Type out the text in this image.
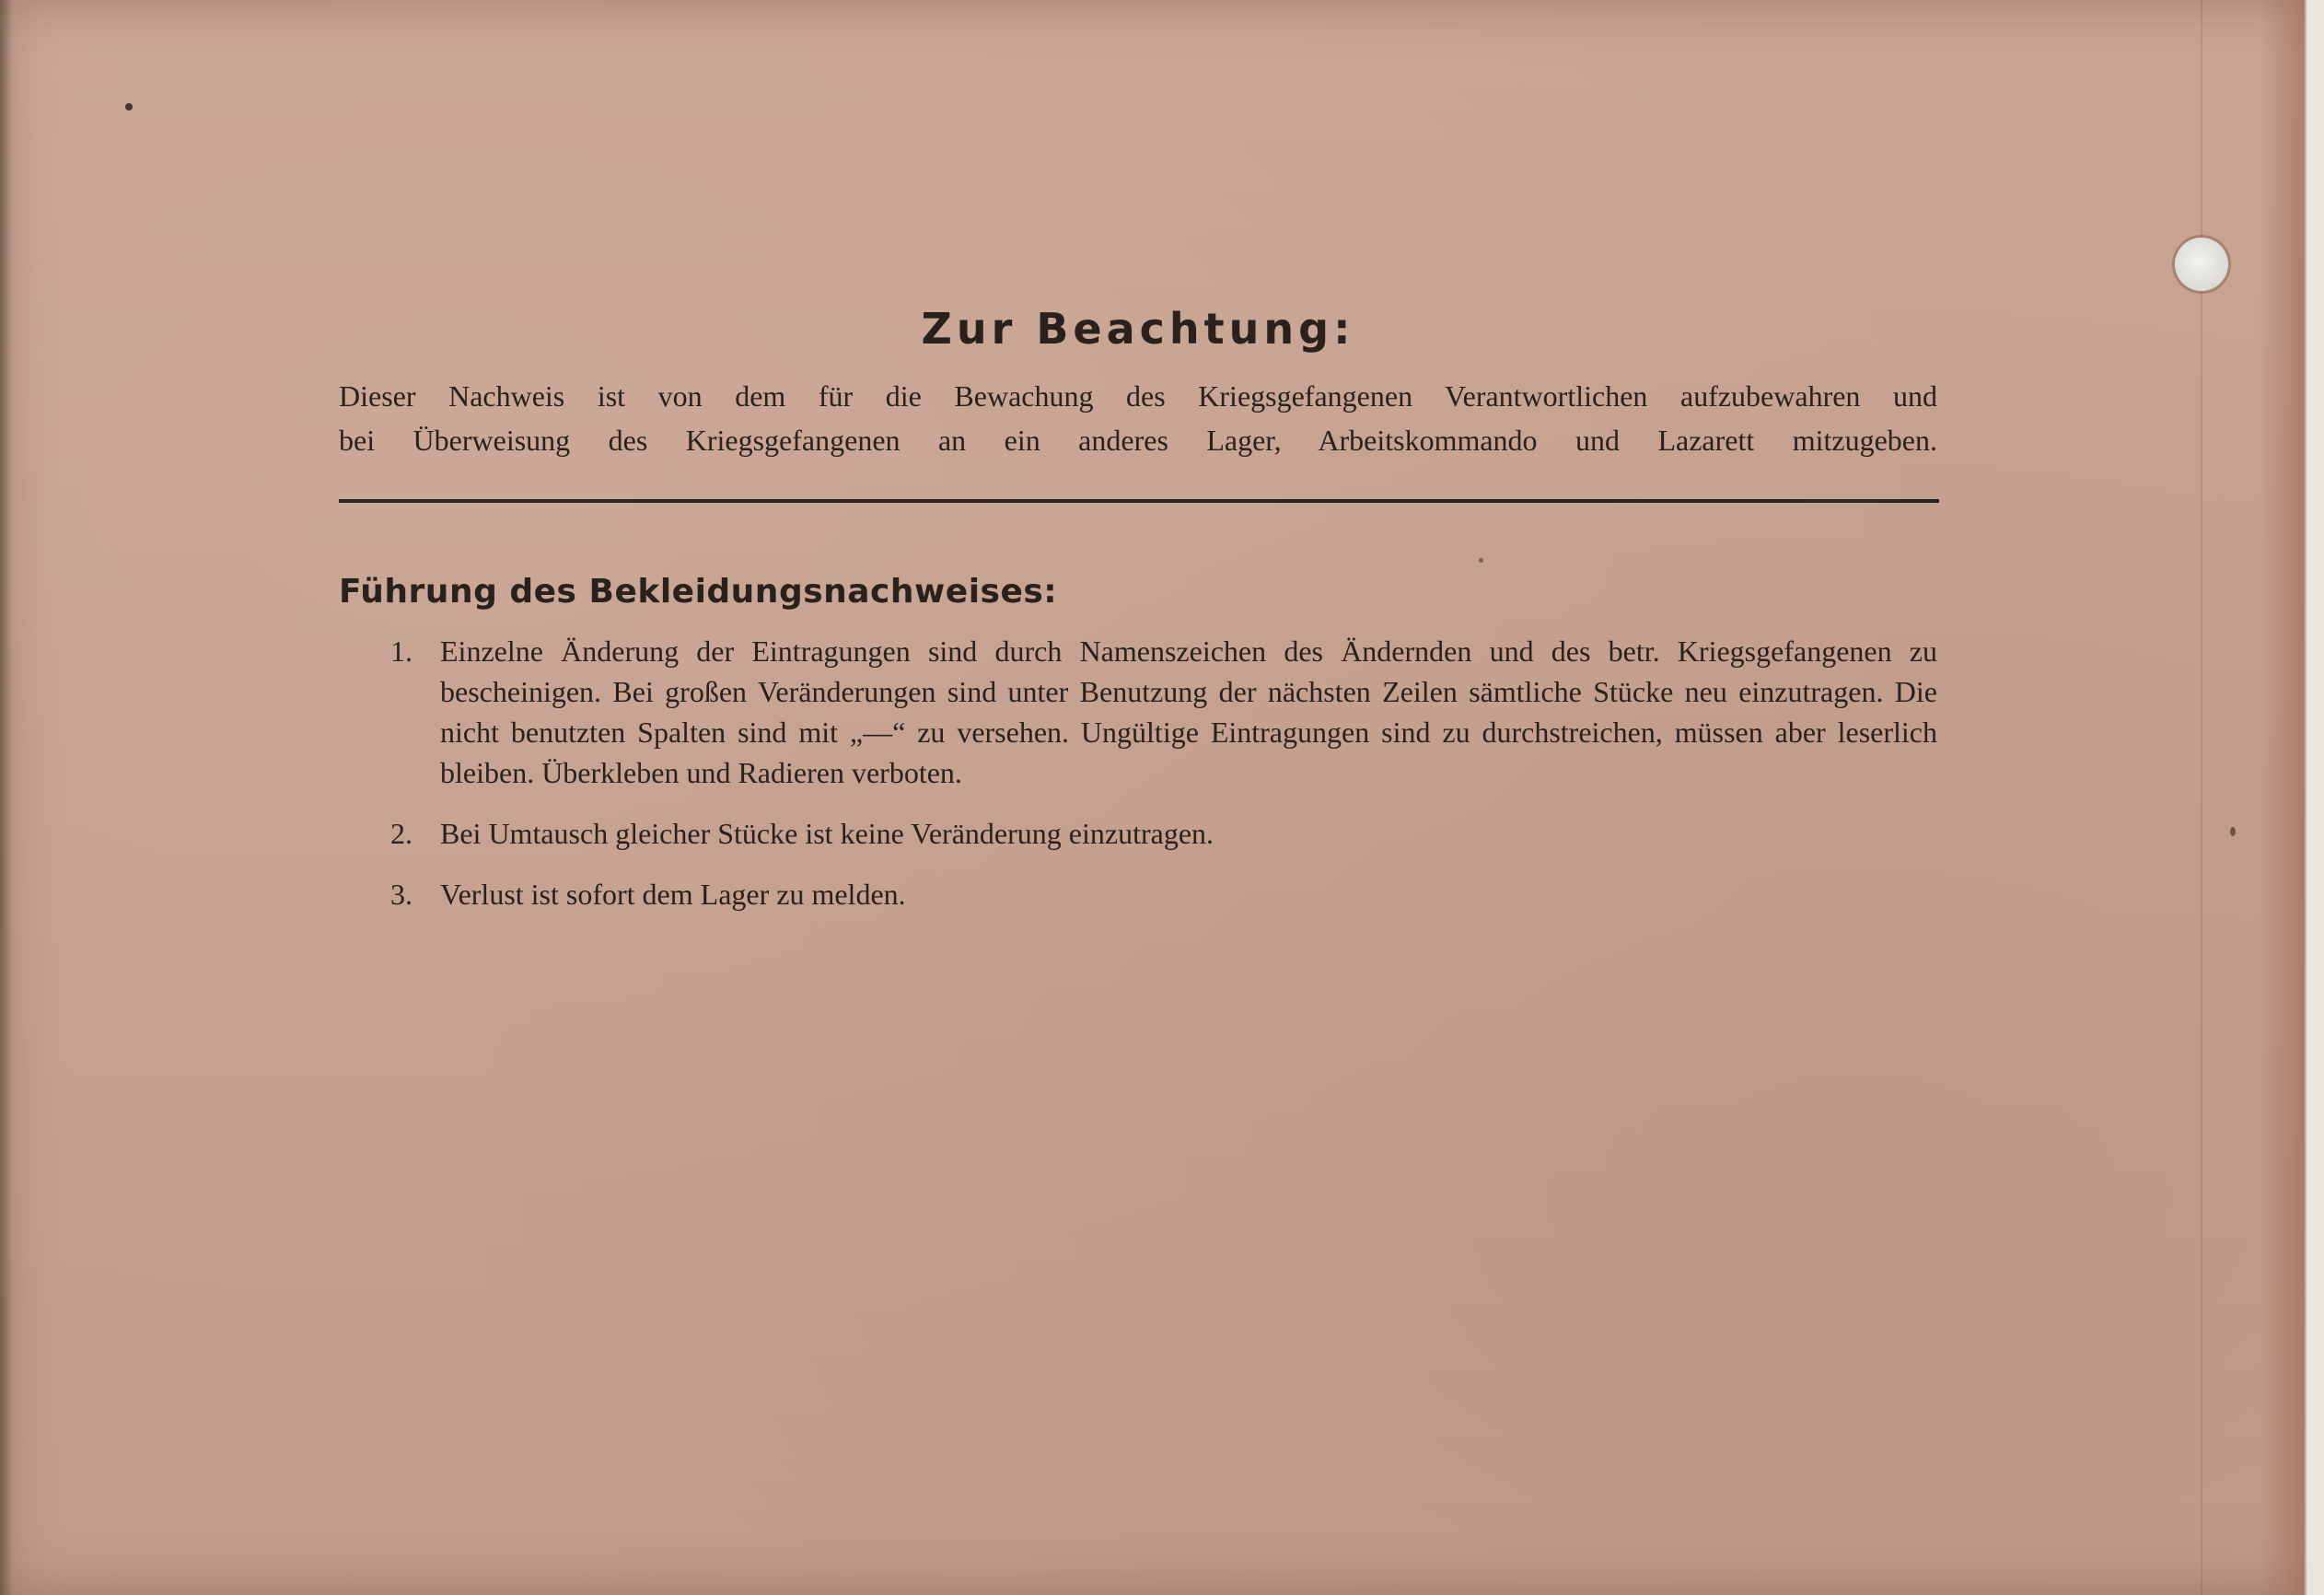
Zur Beachtung:

Dieser Nachweis ist von dem für die Bewachung des Kriegsgefangenen Verantwortlichen aufzubewahren und
bei Überweisung des Kriegsgefangenen an ein anderes Lager, Arbeitskommando und Lazarett mitzugeben.

Führung des Bekleidungsnachweises:
1. Einzelne Änderung der Eintragungen sind durch Namenszeichen des Ändernden und des betr. Kriegsgefangenen zu bescheinigen. Bei großen Veränderungen sind unter Benutzung der nächsten Zeilen sämtliche Stücke neu einzutragen. Die nicht benutzten Spalten sind mit „—“ zu versehen. Ungültige Eintragungen sind zu durchstreichen, müssen aber leserlich bleiben. Überkleben und Radieren verboten.
2. Bei Umtausch gleicher Stücke ist keine Veränderung einzutragen.
3. Verlust ist sofort dem Lager zu melden.
